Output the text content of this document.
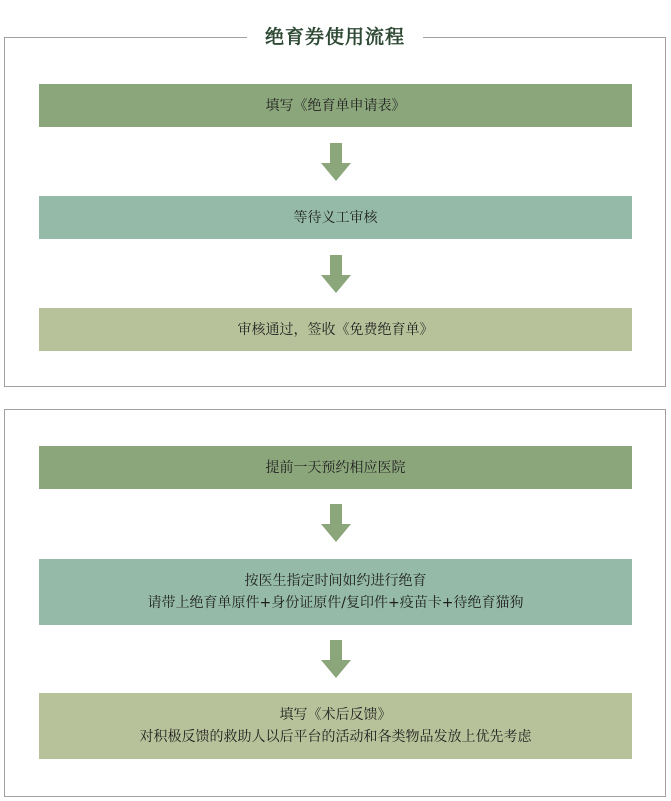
绝育券使用流程
填写《绝育单申请表》
等待义工审核
审核通过，签收《免费绝育单》
提前一天预约相应医院
按医生指定时间如约进行绝育
请带上绝育单原件+身份证原件/复印件+疫苗卡+待绝育猫狗
填写《术后反馈》
对积极反馈的救助人以后平台的活动和各类物品发放上优先考虑
